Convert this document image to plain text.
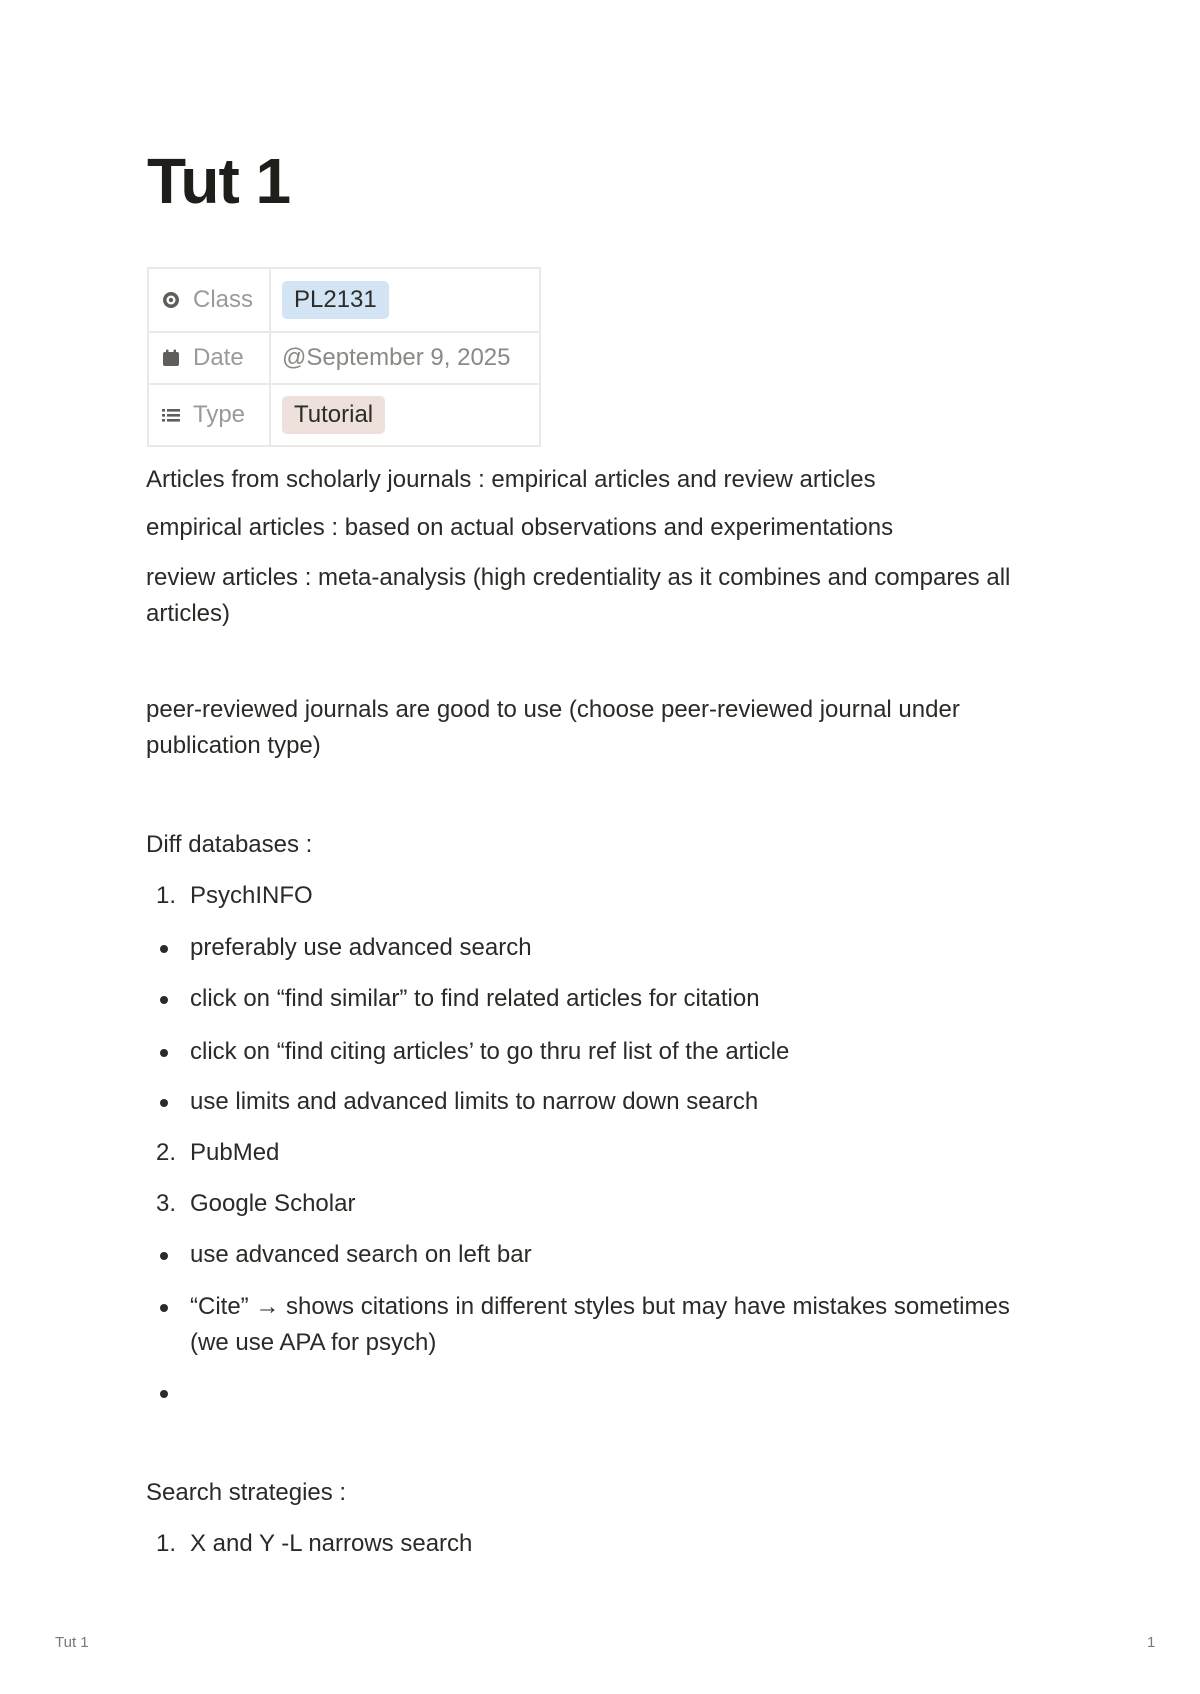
Tut 1
Class	PL2131

Date	@September 9, 2025

Type	Tutorial

Articles from scholarly journals : empirical articles and review articles

empirical articles : based on actual observations and experimentations

review articles : meta-analysis (high credentiality as it combines and compares all articles)

peer-reviewed journals are good to use (choose peer-reviewed journal under publication type)

Diff databases :

1. PsychINFO
preferably use advanced search
click on “find similar” to find related articles for citation
click on “find citing articles’ to go thru ref list of the article
use limits and advanced limits to narrow down search
2. PubMed
3. Google Scholar
use advanced search on left bar
“Cite” → shows citations in different styles but may have mistakes sometimes (we use APA for psych)

Search strategies :

1. X and Y -L narrows search
Tut 1	1
